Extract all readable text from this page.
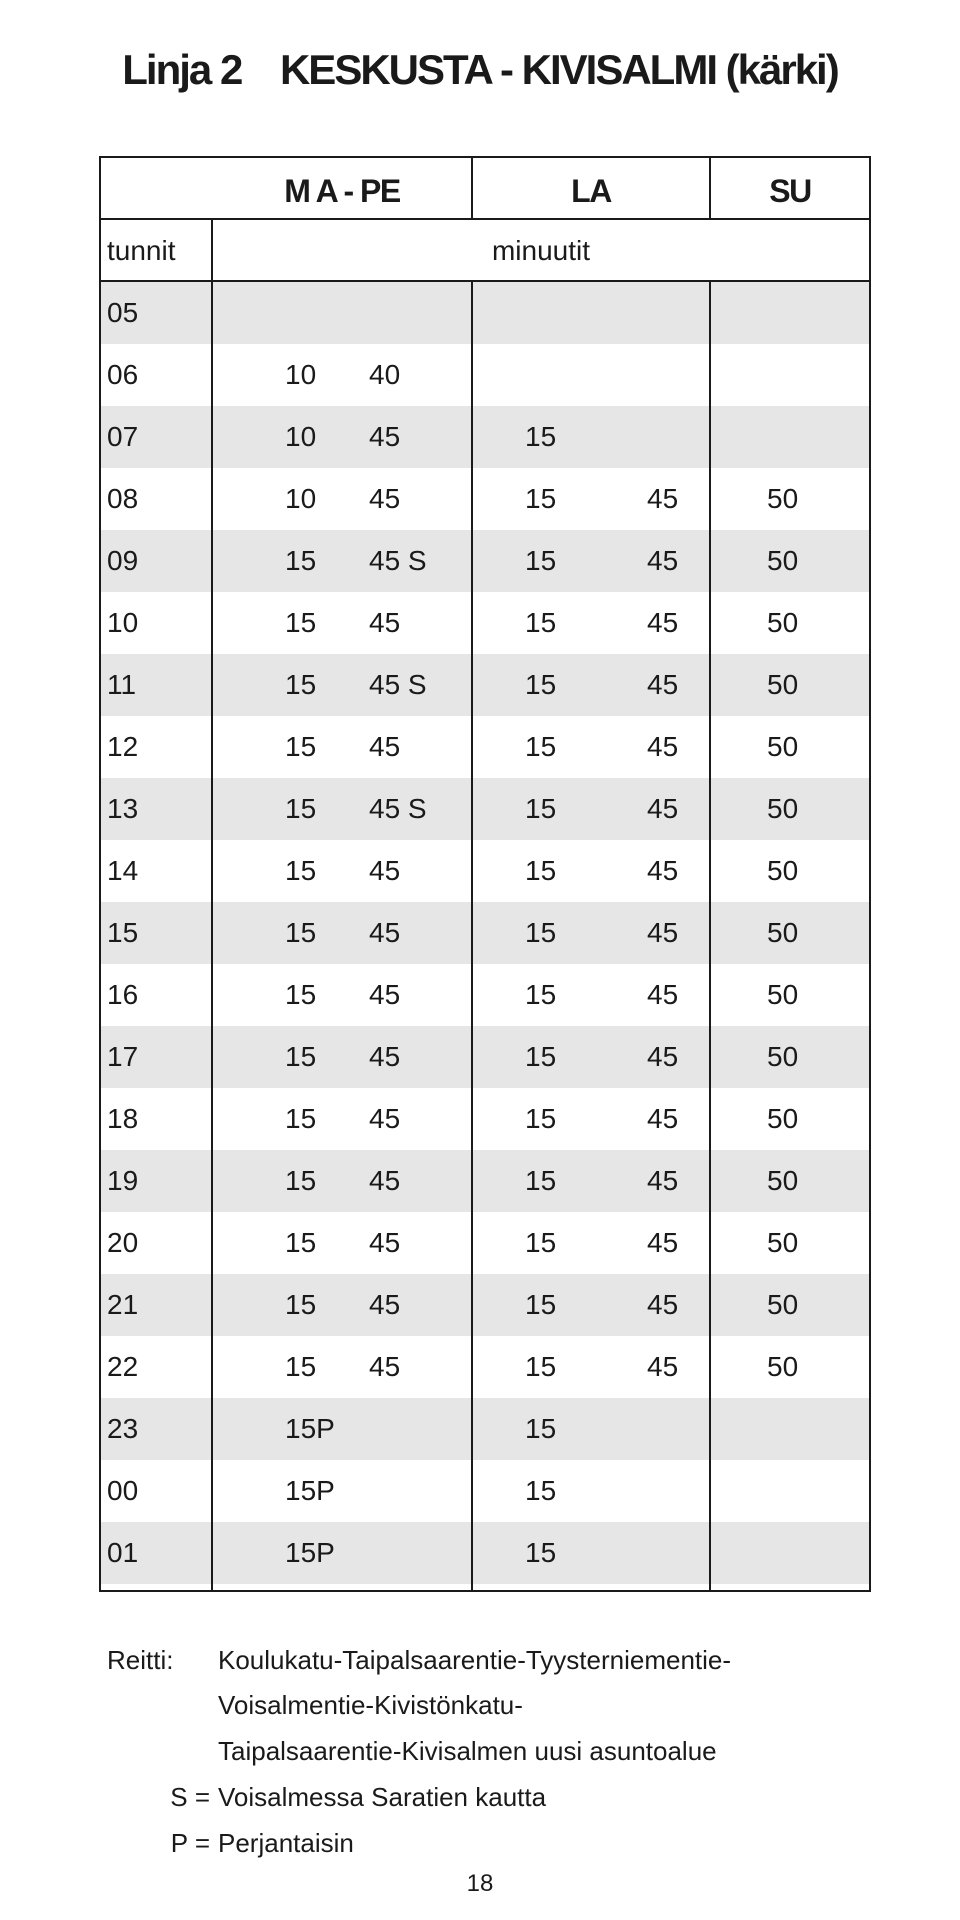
Linja 2    KESKUSTA - KIVISALMI (kärki)
M A - PE	LA	SU
tunnit	minuutit
05
06	10 40
07	10 45	15
08	10 45	15	45	50
09	15 45 S	15	45	50
10	15 45	15	45	50
11	15 45 S	15	45	50
12	15 45	15	45	50
13	15 45 S	15	45	50
14	15 45	15	45	50
15	15 45	15	45	50
16	15 45	15	45	50
17	15 45	15	45	50
18	15 45	15	45	50
19	15 45	15	45	50
20	15 45	15	45	50
21	15 45	15	45	50
22	15 45	15	45	50
23	15P	15
00	15P	15
01	15P	15
Reitti: Koulukatu-Taipalsaarentie-Tyysterniementie-
Voisalmentie-Kivistönkatu-
Taipalsaarentie-Kivisalmen uusi asuntoalue
S = Voisalmessa Saratien kautta
P = Perjantaisin
18
